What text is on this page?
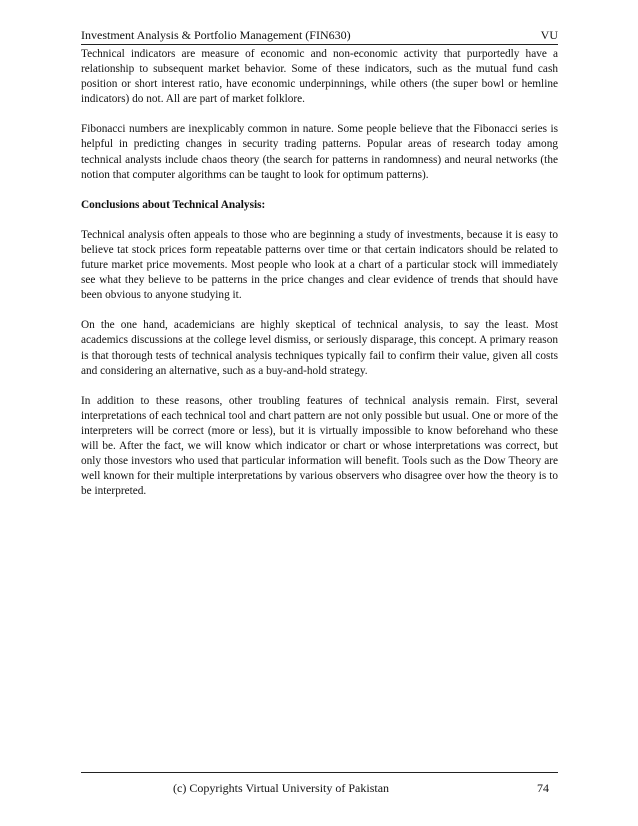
Investment Analysis & Portfolio Management (FIN630)	VU

Technical indicators are measure of economic and non-economic activity that purportedly have a relationship to subsequent market behavior. Some of these indicators, such as the mutual fund cash position or short interest ratio, have economic underpinnings, while others (the super bowl or hemline indicators) do not. All are part of market folklore.

Fibonacci numbers are inexplicably common in nature. Some people believe that the Fibonacci series is helpful in predicting changes in security trading patterns. Popular areas of research today among technical analysts include chaos theory (the search for patterns in randomness) and neural networks (the notion that computer algorithms can be taught to look for optimum patterns).

Conclusions about Technical Analysis:

Technical analysis often appeals to those who are beginning a study of investments, because it is easy to believe tat stock prices form repeatable patterns over time or that certain indicators should be related to future market price movements. Most people who look at a chart of a particular stock will immediately see what they believe to be patterns in the price changes and clear evidence of trends that should have been obvious to anyone studying it.

On the one hand, academicians are highly skeptical of technical analysis, to say the least. Most academics discussions at the college level dismiss, or seriously disparage, this concept. A primary reason is that thorough tests of technical analysis techniques typically fail to confirm their value, given all costs and considering an alternative, such as a buy-and-hold strategy.

In addition to these reasons, other troubling features of technical analysis remain. First, several interpretations of each technical tool and chart pattern are not only possible but usual. One or more of the interpreters will be correct (more or less), but it is virtually impossible to know beforehand who these will be. After the fact, we will know which indicator or chart or whose interpretations was correct, but only those investors who used that particular information will benefit. Tools such as the Dow Theory are well known for their multiple interpretations by various observers who disagree over how the theory is to be interpreted.

(c) Copyrights Virtual University of Pakistan	74
